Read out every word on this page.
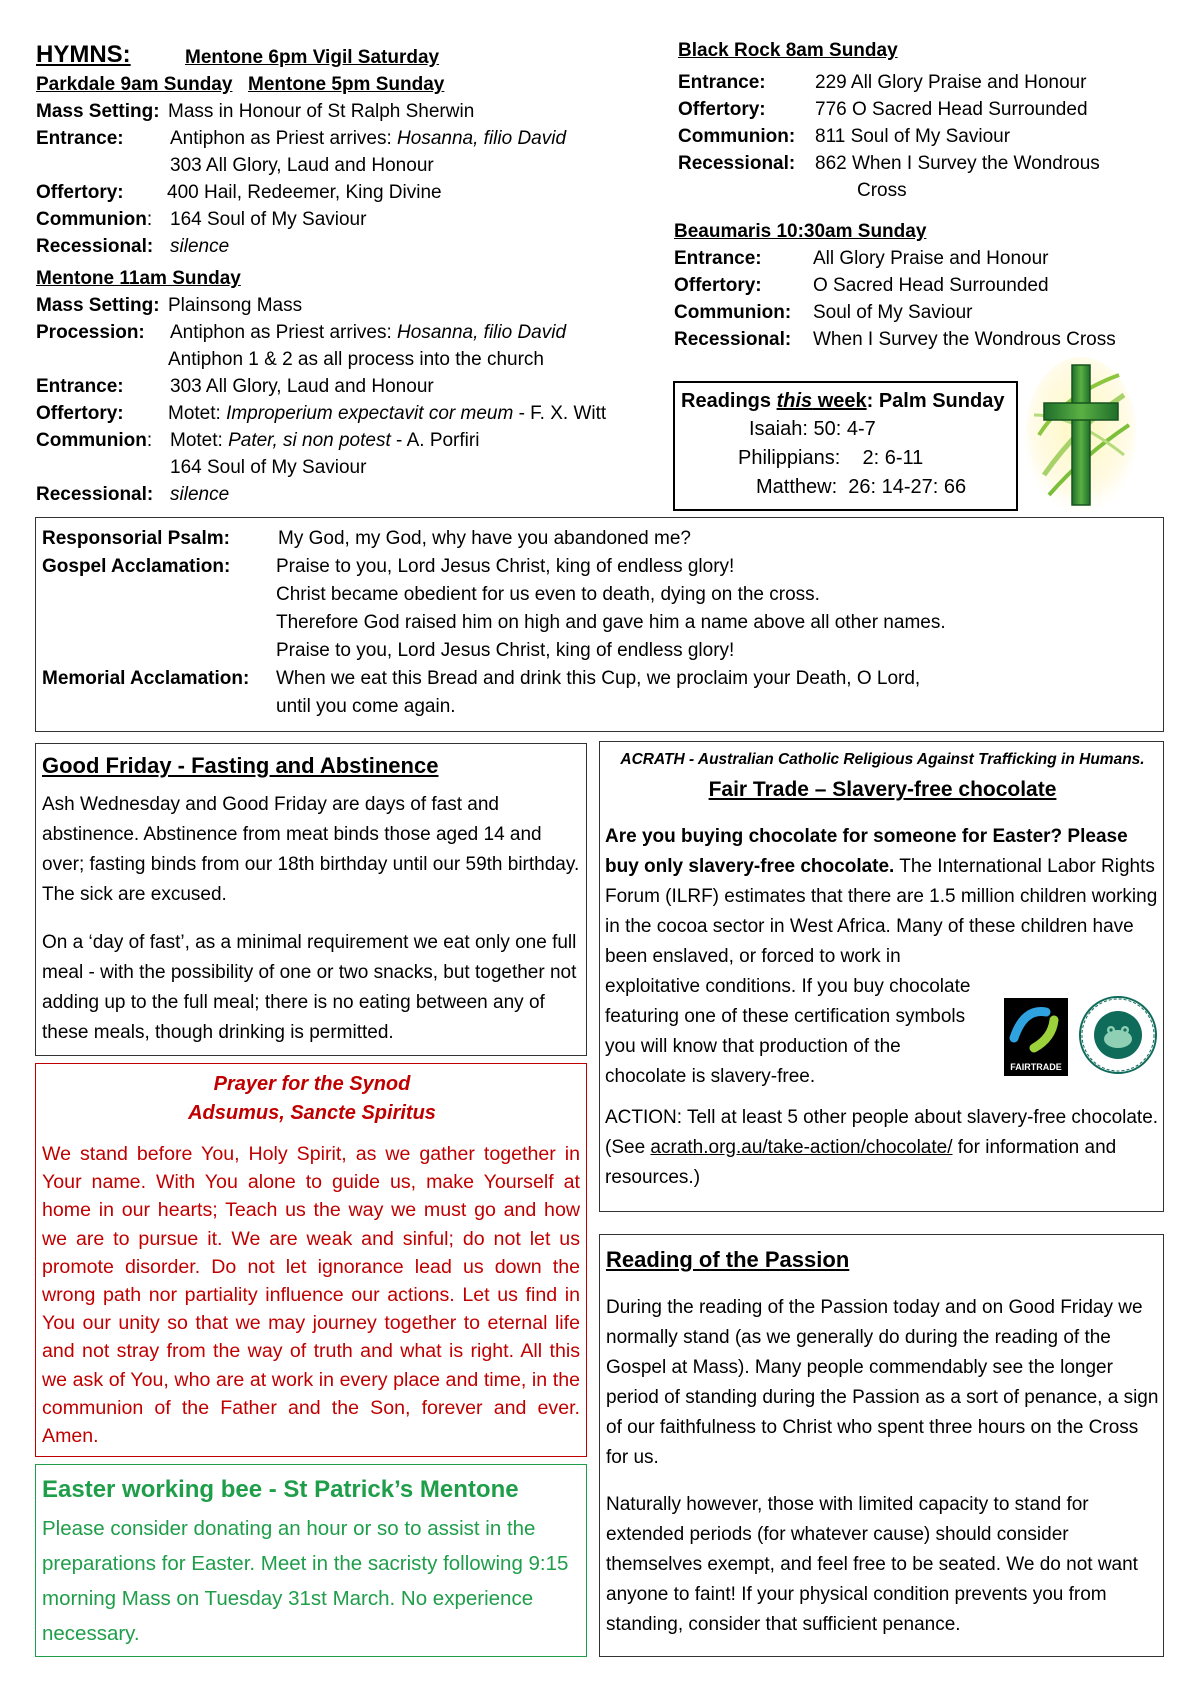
HYMNS:	Mentone 6pm Vigil Saturday
Parkdale 9am Sunday Mentone 5pm Sunday
Mass Setting: Mass in Honour of St Ralph Sherwin
Entrance: Antiphon as Priest arrives: Hosanna, filio David
303 All Glory, Laud and Honour
Offertory: 400 Hail, Redeemer, King Divine
Communion: 164 Soul of My Saviour
Recessional: silence
Mentone 11am Sunday
Mass Setting: Plainsong Mass
Procession: Antiphon as Priest arrives: Hosanna, filio David
Antiphon 1 & 2 as all process into the church
Entrance: 303 All Glory, Laud and Honour
Offertory: Motet: Improperium expectavit cor meum - F. X. Witt
Communion: Motet: Pater, si non potest - A. Porfiri
164 Soul of My Saviour
Recessional: silence
Black Rock 8am Sunday
Entrance:	229 All Glory Praise and Honour
Offertory:	776 O Sacred Head Surrounded
Communion: 811 Soul of My Saviour
Recessional: 862 When I Survey the Wondrous
Cross
Beaumaris 10:30am Sunday
Entrance:	All Glory Praise and Honour
Offertory:	O Sacred Head Surrounded
Communion: Soul of My Saviour
Recessional: When I Survey the Wondrous Cross
Readings this week: Palm Sunday
Isaiah: 50: 4-7
Philippians:    2: 6-11
Matthew:  26: 14-27: 66
Responsorial Psalm:	My God, my God, why have you abandoned me?
Gospel Acclamation: Praise to you, Lord Jesus Christ, king of endless glory!
Christ became obedient for us even to death, dying on the cross.
Therefore God raised him on high and gave him a name above all other names.
Praise to you, Lord Jesus Christ, king of endless glory!
Memorial Acclamation: When we eat this Bread and drink this Cup, we proclaim your Death, O Lord,
until you come again.
Good Friday - Fasting and Abstinence
Ash Wednesday and Good Friday are days of fast and abstinence. Abstinence from meat binds those aged 14 and over; fasting binds from our 18th birthday until our 59th birthday. The sick are excused.
On a ‘day of fast’, as a minimal requirement we eat only one full meal - with the possibility of one or two snacks, but together not adding up to the full meal; there is no eating between any of these meals, though drinking is permitted.
Prayer for the Synod
Adsumus, Sancte Spiritus
We stand before You, Holy Spirit, as we gather together in Your name. With You alone to guide us, make Yourself at home in our hearts; Teach us the way we must go and how we are to pursue it. We are weak and sinful; do not let us promote disorder. Do not let ignorance lead us down the wrong path nor partiality influence our actions. Let us find in You our unity so that we may journey together to eternal life and not stray from the way of truth and what is right. All this we ask of You, who are at work in every place and time, in the communion of the Father and the Son, forever and ever. Amen.
Easter working bee - St Patrick’s Mentone
Please consider donating an hour or so to assist in the preparations for Easter. Meet in the sacristy following 9:15 morning Mass on Tuesday 31st March. No experience necessary.
ACRATH - Australian Catholic Religious Against Trafficking in Humans.
Fair Trade – Slavery-free chocolate
Are you buying chocolate for someone for Easter? Please buy only slavery-free chocolate. The International Labor Rights Forum (ILRF) estimates that there are 1.5 million children working in the cocoa sector in West Africa. Many of these children have been enslaved, or forced to work in
exploitative conditions. If you buy chocolate featuring one of these certification symbols you will know that production of the chocolate is slavery-free.	FAIRTRADE
ACTION: Tell at least 5 other people about slavery-free chocolate. (See acrath.org.au/take-action/chocolate/ for information and resources.)
Reading of the Passion
During the reading of the Passion today and on Good Friday we normally stand (as we generally do during the reading of the Gospel at Mass). Many people commendably see the longer period of standing during the Passion as a sort of penance, a sign of our faithfulness to Christ who spent three hours on the Cross for us.
Naturally however, those with limited capacity to stand for extended periods (for whatever cause) should consider themselves exempt, and feel free to be seated. We do not want anyone to faint! If your physical condition prevents you from standing, consider that sufficient penance.
